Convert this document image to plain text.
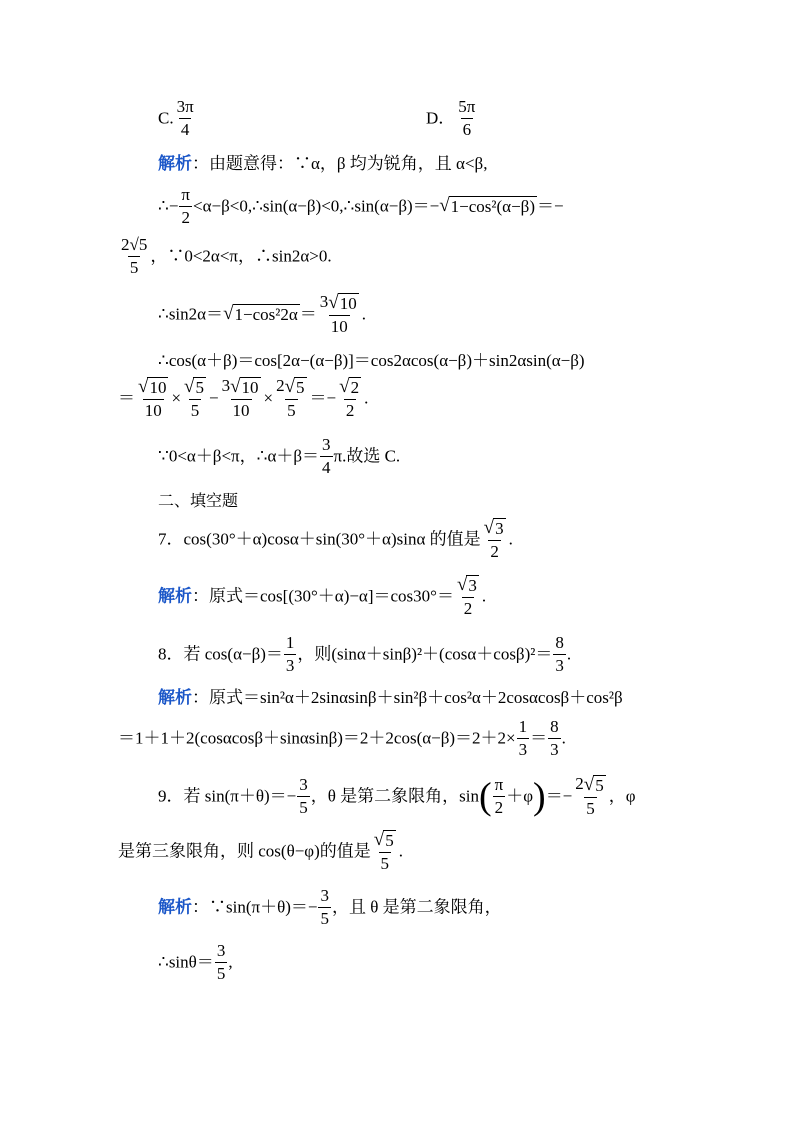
C. $\frac{3\pi}{4}$	D． $\frac{5\pi}{6}$
解析：由题意得：∵α，β 均为锐角，且 α<β,
∴− $\frac{\pi}{2}$ <α−β<0,∴sin(α−β)<0,∴sin(α−β)＝− √ 1−cos²(α−β) ＝−
$\frac{2√5}{5}$ ，∵0<2α<π，∴sin2α>0.
∴sin2α＝ √ $1-\cos^22\alpha = \frac{3 √ 10}{10}$ .
∴cos(α＋β)＝cos[2α−(α−β)]＝cos2αcos(α−β)＋sin2αsin(α−β)
＝ $\frac{√ 10}{10} \times \frac{√ 5}{5} - \frac{3 √ 10}{10} \times \frac{2 √ 5}{5} =- \frac{√ 2}{2}$ .
∵0<α＋β<π，∴α＋β＝ $\frac{3}{4} \pi$.故选 C.
二、填空题
7．cos(30°＋α)cosα＋sin(30°＋α)sinα 的值是 $\frac{√ 3}{2}$ .
解析：原式$=\cos[(30^\circ+\alpha)-\alpha]=\cos 30^\circ= \frac{√ 3}{2}$ .
8．若 $\cos(\alpha-\beta)= \frac{1}{3}$ ，则$(\sin\alpha+\sin\beta)^2+(\cos\alpha+\cos\beta)^2= \frac{8}{3}$ .
解析：原式＝sin²α＋2sinαsinβ＋sin²β＋cos²α＋2cosαcosβ＋cos²β
$=1+1+2(\cos\alpha\cos\beta+\sin\alpha\sin\beta)=2+2\cos(\alpha-\beta)=2+2\times \frac{1}{3} = \frac{8}{3}$ .
9．若 $\sin(\pi+\theta)=- \frac{3}{5}$ ，θ 是第二象限角，$\sin( \frac{\pi}{2} +\varphi)=- \frac{2 √ 5}{5}$ ，φ
是第三象限角，则 cos(θ−φ)的值是 $\frac{√ 5}{5}$ .
解析：∵sin(π＋θ)＝− $\frac{3}{5}$ ，且 θ 是第二象限角，
∴sinθ＝ $\frac{3}{5}$ ,
